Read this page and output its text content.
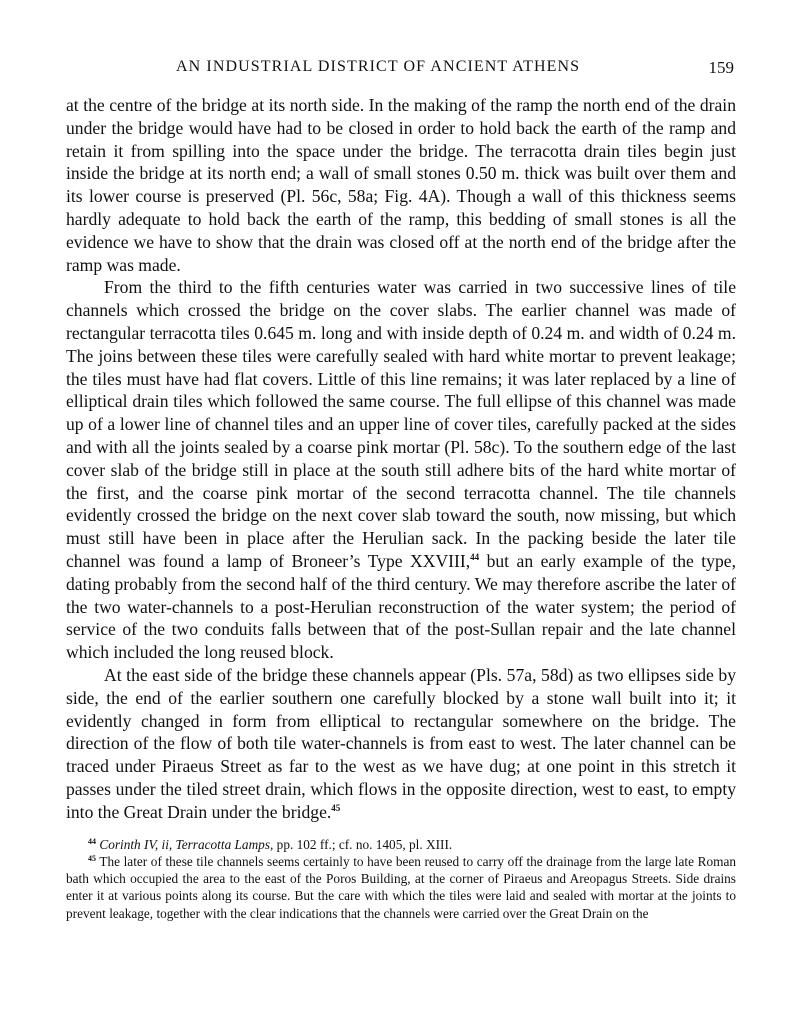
AN INDUSTRIAL DISTRICT OF ANCIENT ATHENS	159

at the centre of the bridge at its north side. In the making of the ramp the north end of the drain under the bridge would have had to be closed in order to hold back the earth of the ramp and retain it from spilling into the space under the bridge. The terracotta drain tiles begin just inside the bridge at its north end; a wall of small stones 0.50 m. thick was built over them and its lower course is preserved (Pl. 56c, 58a; Fig. 4A). Though a wall of this thickness seems hardly adequate to hold back the earth of the ramp, this bedding of small stones is all the evidence we have to show that the drain was closed off at the north end of the bridge after the ramp was made.

From the third to the fifth centuries water was carried in two successive lines of tile channels which crossed the bridge on the cover slabs. The earlier channel was made of rectangular terracotta tiles 0.645 m. long and with inside depth of 0.24 m. and width of 0.24 m. The joins between these tiles were carefully sealed with hard white mortar to prevent leakage; the tiles must have had flat covers. Little of this line remains; it was later replaced by a line of elliptical drain tiles which followed the same course. The full ellipse of this channel was made up of a lower line of channel tiles and an upper line of cover tiles, carefully packed at the sides and with all the joints sealed by a coarse pink mortar (Pl. 58c). To the southern edge of the last cover slab of the bridge still in place at the south still adhere bits of the hard white mortar of the first, and the coarse pink mortar of the second terracotta channel. The tile channels evidently crossed the bridge on the next cover slab toward the south, now missing, but which must still have been in place after the Herulian sack. In the packing beside the later tile channel was found a lamp of Broneer’s Type XXVIII,$^{44}$ but an early example of the type, dating probably from the second half of the third century. We may therefore ascribe the later of the two water-channels to a post-Herulian reconstruction of the water system; the period of service of the two conduits falls between that of the post-Sullan repair and the late channel which included the long reused block.

At the east side of the bridge these channels appear (Pls. 57a, 58d) as two ellipses side by side, the end of the earlier southern one carefully blocked by a stone wall built into it; it evidently changed in form from elliptical to rectangular somewhere on the bridge. The direction of the flow of both tile water-channels is from east to west. The later channel can be traced under Piraeus Street as far to the west as we have dug; at one point in this stretch it passes under the tiled street drain, which flows in the opposite direction, west to east, to empty into the Great Drain under the bridge.$^{45}$

$^{44}$ Corinth IV, ii, Terracotta Lamps, pp. 102 ff.; cf. no. 1405, pl. XIII.

$^{45}$ The later of these tile channels seems certainly to have been reused to carry off the drainage from the large late Roman bath which occupied the area to the east of the Poros Building, at the corner of Piraeus and Areopagus Streets. Side drains enter it at various points along its course. But the care with which the tiles were laid and sealed with mortar at the joints to prevent leakage, together with the clear indications that the channels were carried over the Great Drain on the
